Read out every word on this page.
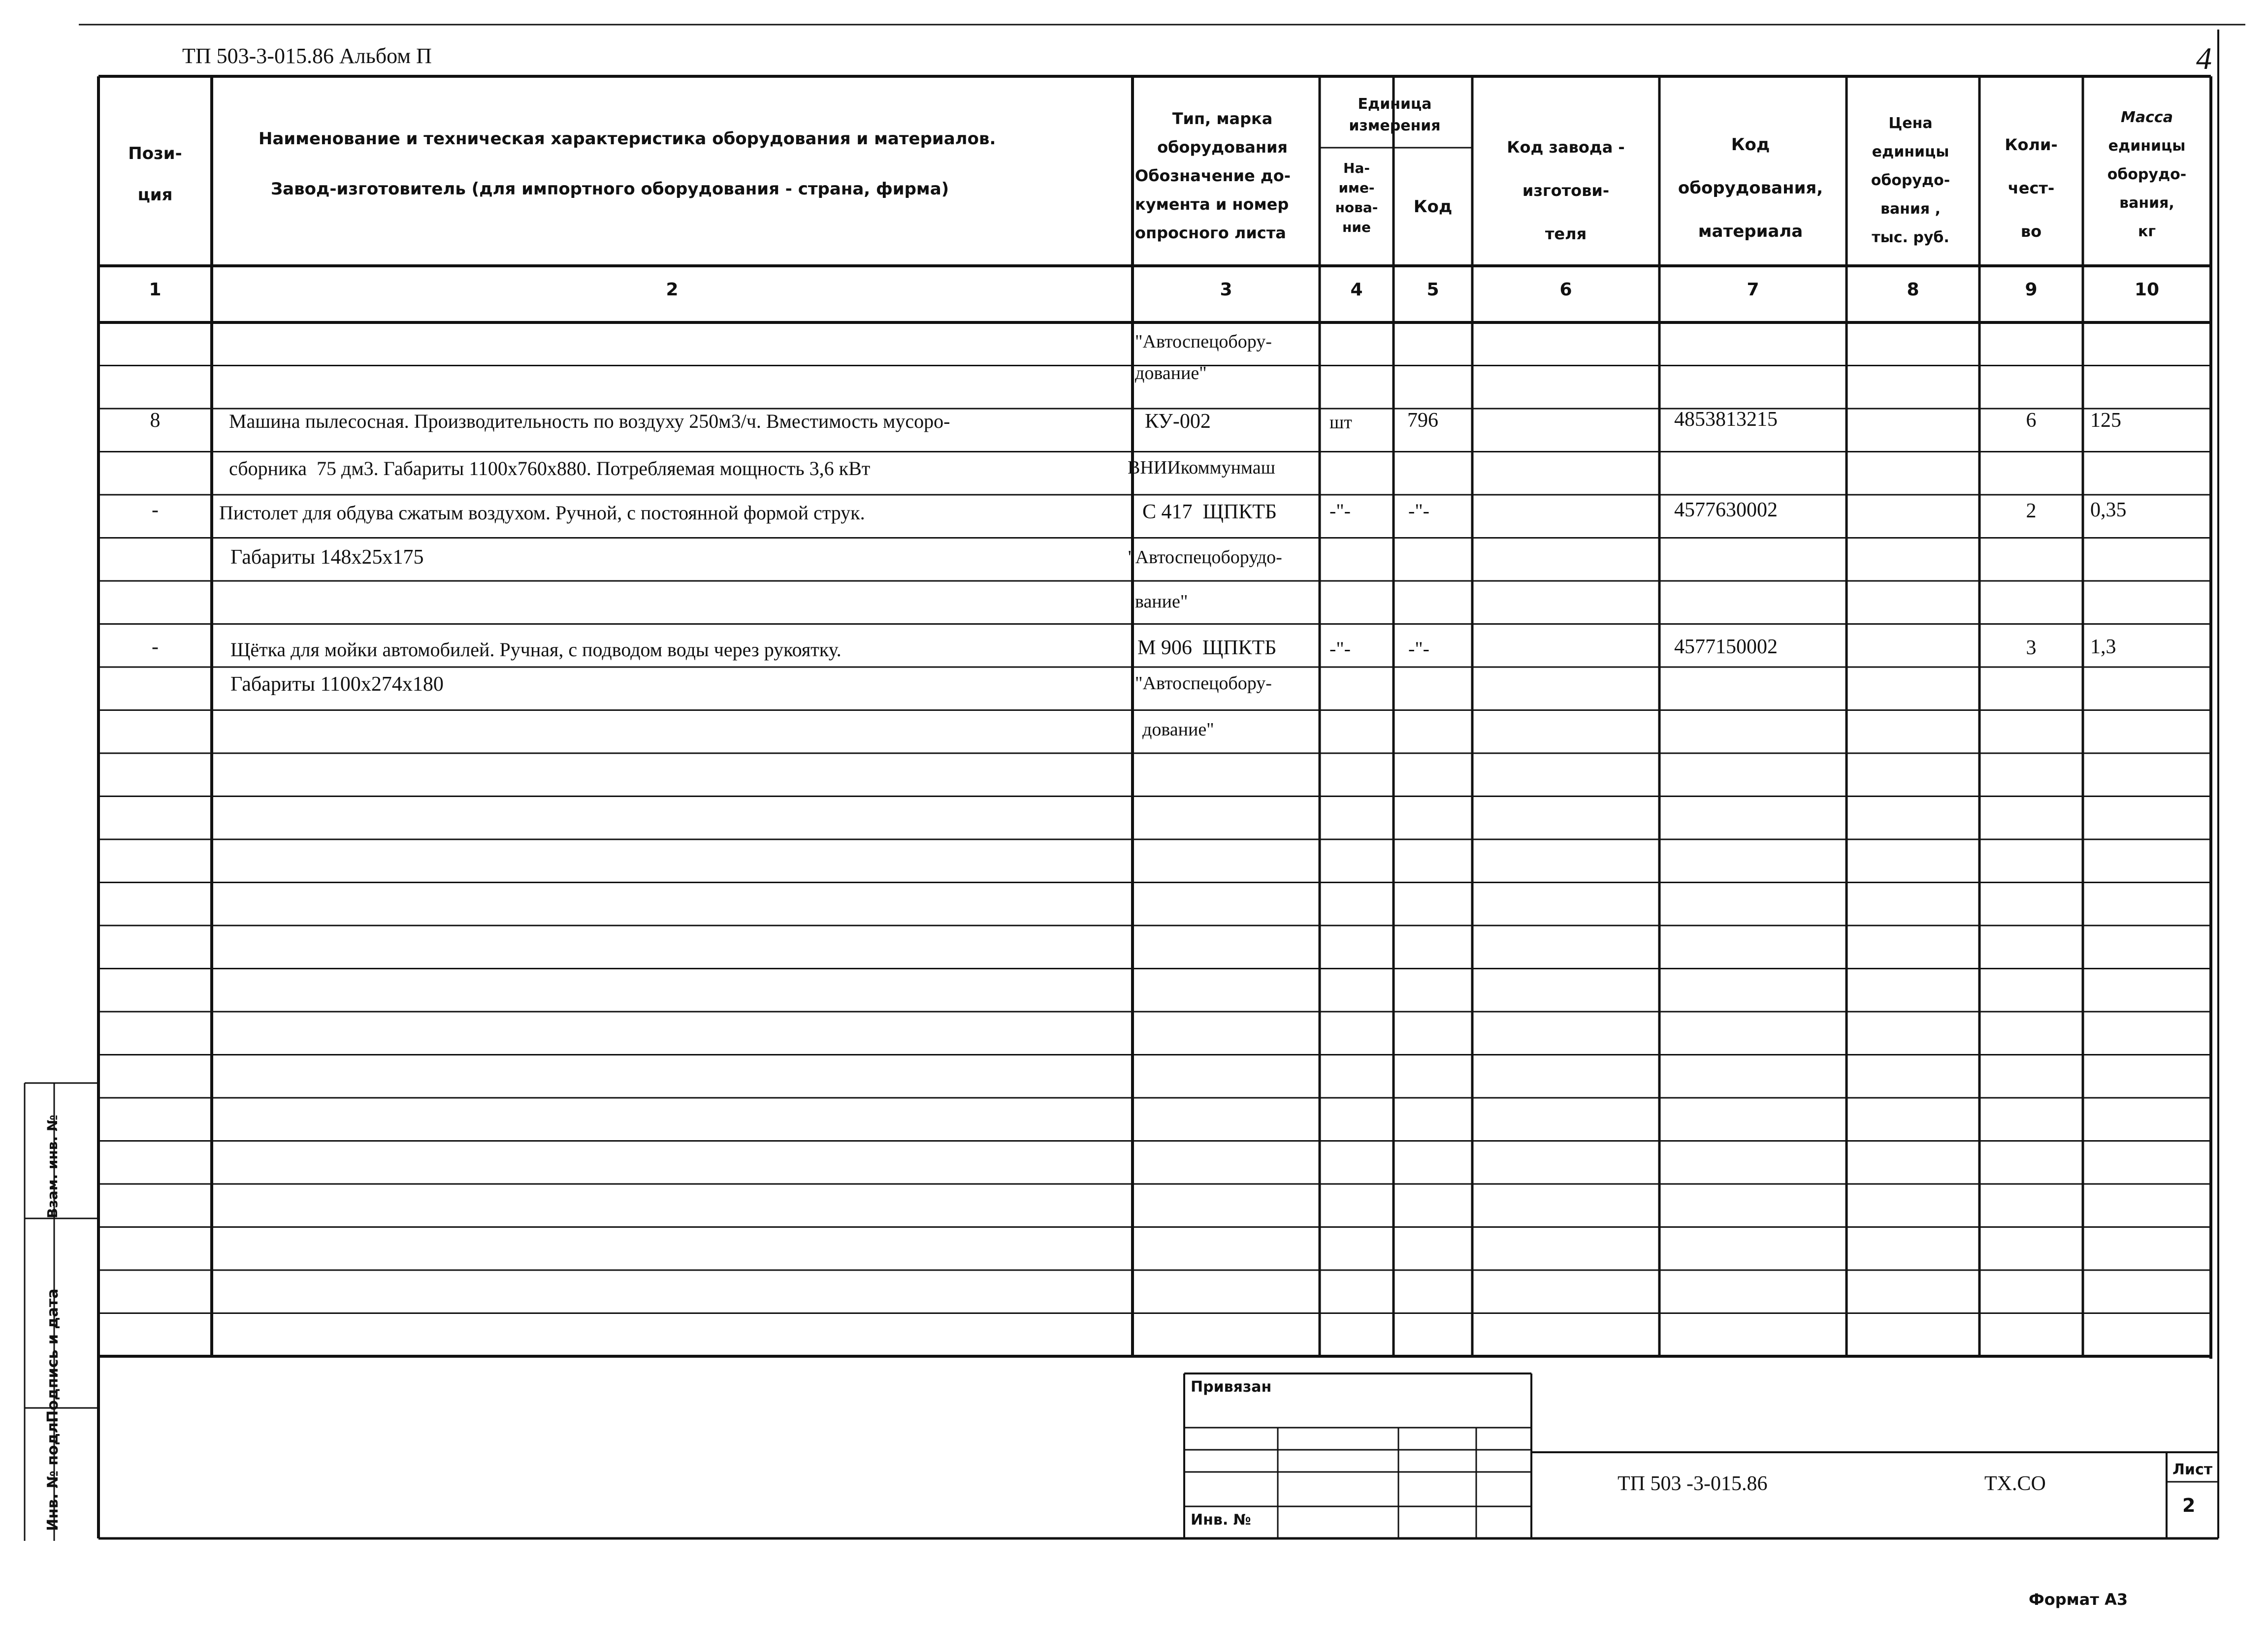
ТП 503-3-015.86 Альбом П	4
Пози-
ция
Наименование и техническая характеристика оборудования и материалов.
Завод-изготовитель (для импортного оборудования - страна, фирма)
Тип, марка
оборудования
Обозначение до-
кумента и номер
опросного листа
Единица
измерения
На-
име-
нова-
ние
Код
Код завода -
изготови-
теля
Код
оборудования,
материала
Цена
единицы
оборудо-
вания ,
тыс. руб.
Коли-
чест-
во
Масса
единицы
оборудо-
вания,
кг
1	2	3	4	5	6	7	8	9	10
"Автоспецобору-
дование"
8	Машина пылесосная. Производительность по воздуху 250м3/ч. Вместимость мусоро-	КУ-002	шт	796	4853813215	6	125
сборника  75 дм3. Габариты 1100x760x880. Потребляемая мощность 3,6 кВт	ВНИИкоммунмаш
-	Пистолет для обдува сжатым воздухом. Ручной, с постоянной формой струк.	С 417  ЩПКТБ	-"-	-"-	4577630002	2	0,35
Габариты 148x25x175	"Автоспецоборудо-
вание"
-	Щётка для мойки автомобилей. Ручная, с подводом воды через рукоятку.	М 906  ЩПКТБ	-"-	-"-	4577150002	3	1,3
Габариты 1100x274x180	"Автоспецобору-
дование"
Инв. № подл.
Подпись и дата
Взам. инв. №
Привязан
Инв. №
ТП 503 -3-015.86	ТХ.СО
Лист
2
Формат А3
